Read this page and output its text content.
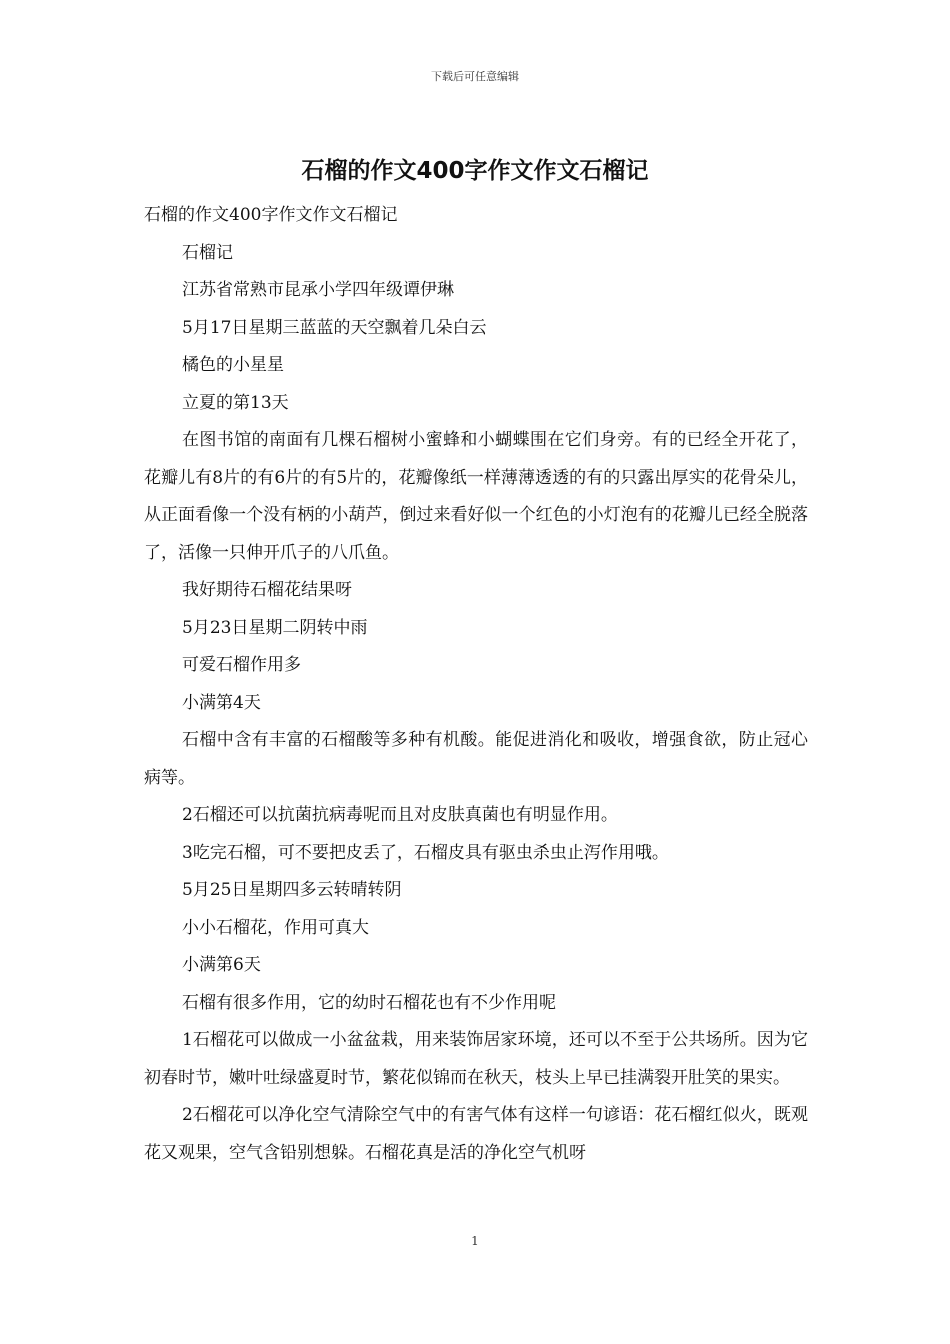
下载后可任意编辑
石榴的作文400字作文作文石榴记

石榴的作文400字作文作文石榴记

石榴记

江苏省常熟市昆承小学四年级谭伊琳

5月17日星期三蓝蓝的天空飘着几朵白云

橘色的小星星

立夏的第13天

在图书馆的南面有几棵石榴树小蜜蜂和小蝴蝶围在它们身旁。有的已经全开花了，花瓣儿有8片的有6片的有5片的，花瓣像纸一样薄薄透透的有的只露出厚实的花骨朵儿，从正面看像一个没有柄的小葫芦，倒过来看好似一个红色的小灯泡有的花瓣儿已经全脱落了，活像一只伸开爪子的八爪鱼。

我好期待石榴花结果呀

5月23日星期二阴转中雨

可爱石榴作用多

小满第4天

石榴中含有丰富的石榴酸等多种有机酸。能促进消化和吸收，增强食欲，防止冠心病等。

2石榴还可以抗菌抗病毒呢而且对皮肤真菌也有明显作用。

3吃完石榴，可不要把皮丢了，石榴皮具有驱虫杀虫止泻作用哦。

5月25日星期四多云转晴转阴

小小石榴花，作用可真大

小满第6天

石榴有很多作用，它的幼时石榴花也有不少作用呢

1石榴花可以做成一小盆盆栽，用来装饰居家环境，还可以不至于公共场所。因为它初春时节，嫩叶吐绿盛夏时节，繁花似锦而在秋天，枝头上早已挂满裂开肚笑的果实。

2石榴花可以净化空气清除空气中的有害气体有这样一句谚语：花石榴红似火，既观花又观果，空气含铅别想躲。石榴花真是活的净化空气机呀

1
